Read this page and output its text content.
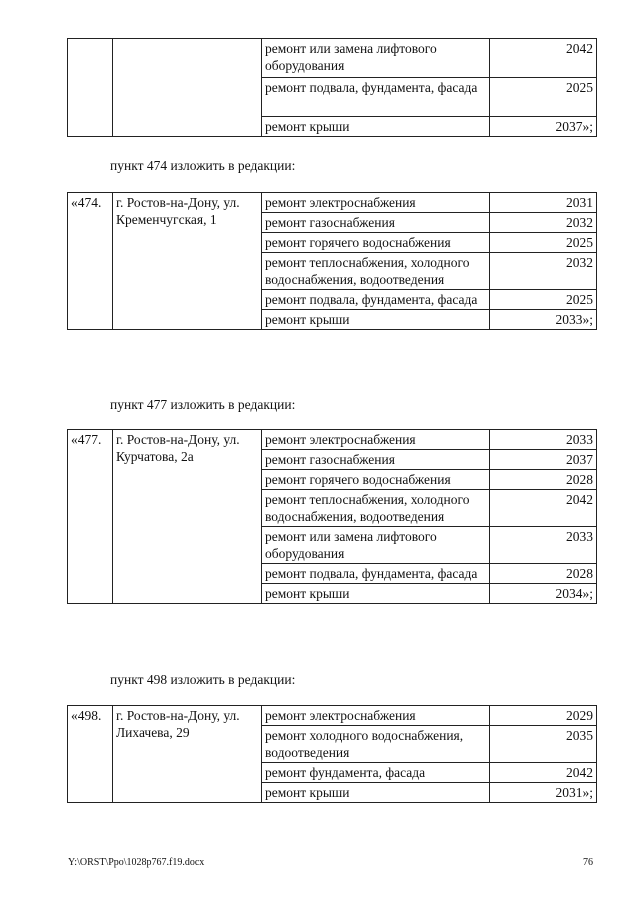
		ремонт или замена лифтового оборудования	2042
		ремонт подвала, фундамента, фасада	2025
		ремонт крыши	2037»;
пункт 474 изложить в редакции:
«474.	г. Ростов-на-Дону, ул. Кременчугская, 1	ремонт электроснабжения	2031
		ремонт газоснабжения	2032
		ремонт горячего водоснабжения	2025
		ремонт теплоснабжения, холодного водоснабжения, водоотведения	2032
		ремонт подвала, фундамента, фасада	2025
		ремонт крыши	2033»;
пункт 477 изложить в редакции:
«477.	г. Ростов-на-Дону, ул. Курчатова, 2а	ремонт электроснабжения	2033
		ремонт газоснабжения	2037
		ремонт горячего водоснабжения	2028
		ремонт теплоснабжения, холодного водоснабжения, водоотведения	2042
		ремонт или замена лифтового оборудования	2033
		ремонт подвала, фундамента, фасада	2028
		ремонт крыши	2034»;
пункт 498 изложить в редакции:
«498.	г. Ростов-на-Дону, ул. Лихачева, 29	ремонт электроснабжения	2029
		ремонт холодного водоснабжения, водоотведения	2035
		ремонт фундамента, фасада	2042
		ремонт крыши	2031»;
Y:\ORST\Ppo\1028p767.f19.docx	76
